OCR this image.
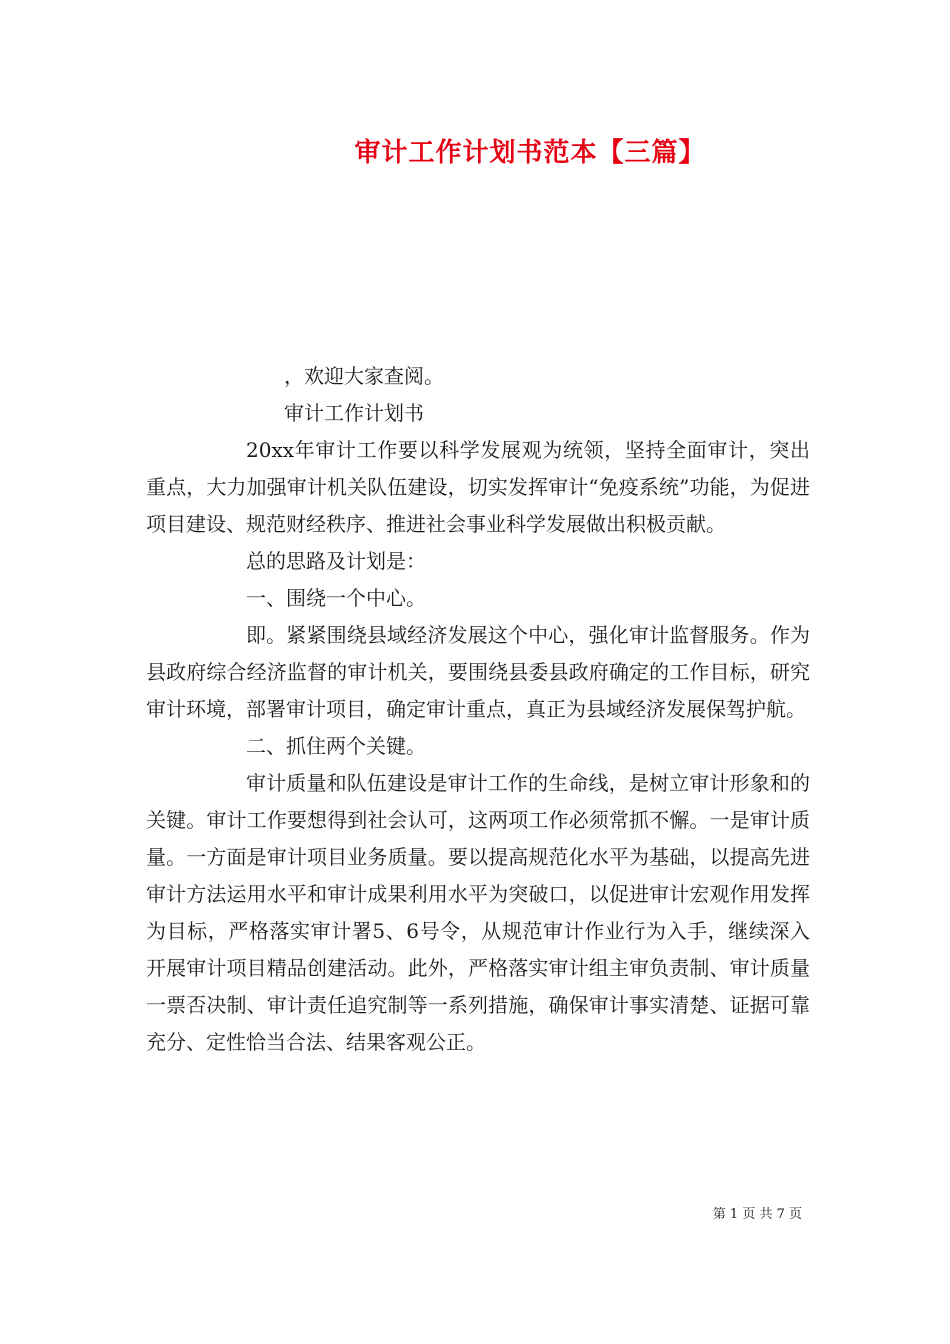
审计工作计划书范本【三篇】

，欢迎大家查阅。

审计工作计划书

20xx年审计工作要以科学发展观为统领，坚持全面审计，突出重点，大力加强审计机关队伍建设，切实发挥审计“免疫系统”功能，为促进项目建设、规范财经秩序、推进社会事业科学发展做出积极贡献。

总的思路及计划是：

一、围绕一个中心。

即。紧紧围绕县域经济发展这个中心，强化审计监督服务。作为县政府综合经济监督的审计机关，要围绕县委县政府确定的工作目标，研究审计环境，部署审计项目，确定审计重点，真正为县域经济发展保驾护航。

二、抓住两个关键。

审计质量和队伍建设是审计工作的生命线，是树立审计形象和的关键。审计工作要想得到社会认可，这两项工作必须常抓不懈。一是审计质量。一方面是审计项目业务质量。要以提高规范化水平为基础，以提高先进审计方法运用水平和审计成果利用水平为突破口，以促进审计宏观作用发挥为目标，严格落实审计署5、6号令，从规范审计作业行为入手，继续深入开展审计项目精品创建活动。此外，严格落实审计组主审负责制、审计质量一票否决制、审计责任追究制等一系列措施，确保审计事实清楚、证据可靠充分、定性恰当合法、结果客观公正。

第 1 页 共 7 页
